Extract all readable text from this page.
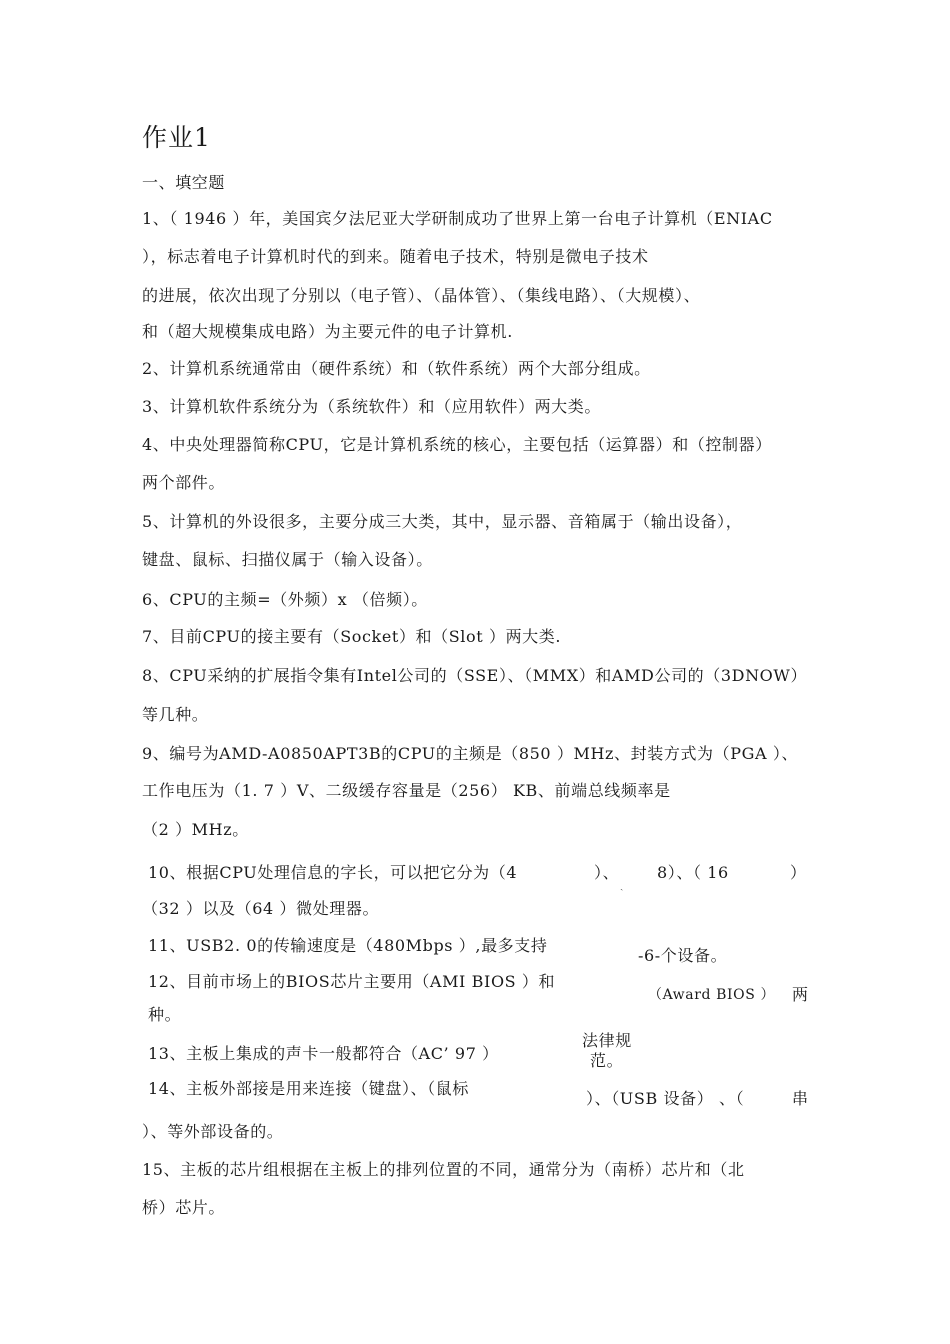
作业1
一、填空题
1、（ 1946 ）年，美国宾夕法尼亚大学研制成功了世界上第一台电子计算机（ENIAC
），标志着电子计算机时代的到来。随着电子技术，特别是微电子技术
的进展，依次出现了分别以（电子管）、（晶体管）、（集线电路）、（大规模）、
和（超大规模集成电路）为主要元件的电子计算机.
2、计算机系统通常由（硬件系统）和（软件系统）两个大部分组成。
3、计算机软件系统分为（系统软件）和（应用软件）两大类。
4、中央处理器简称CPU，它是计算机系统的核心，主要包括（运算器）和（控制器）
两个部件。
5、计算机的外设很多，主要分成三大类，其中，显示器、音箱属于（输出设备），
键盘、鼠标、扫描仪属于（输入设备）。
6、CPU的主频=（外频）x （倍频）。
7、目前CPU的接主要有（Socket）和（Slot ）两大类.
8、CPU采纳的扩展指令集有Intel公司的（SSE）、（MMX）和AMD公司的（3DNOW）
等几种。
9、编号为AMD-A0850APT3B的CPU的主频是（850 ）MHz、封装方式为（PGA ）、
工作电压为（1. 7 ）V、二级缓存容量是（256） KB、前端总线频率是
（2 ）MHz。
10、根据CPU处理信息的字长，可以把它分为（4	）、
ˏ
8）、（ 16	）
（32 ）以及（64 ）微处理器。
11、USB2. 0的传输速度是（480Mbps ）,最多支持
-6-个设备。
12、目前市场上的BIOS芯片主要用（AMI BIOS ）和
（Award BIOS ） 两
种。
13、主板上集成的声卡一般都符合（AC’ 97 ）
法律规
范。
14、主板外部接是用来连接（键盘）、（鼠标
）、（USB 设备） 、（	串
）、等外部设备的。
15、主板的芯片组根据在主板上的排列位置的不同，通常分为（南桥）芯片和（北
桥）芯片。
